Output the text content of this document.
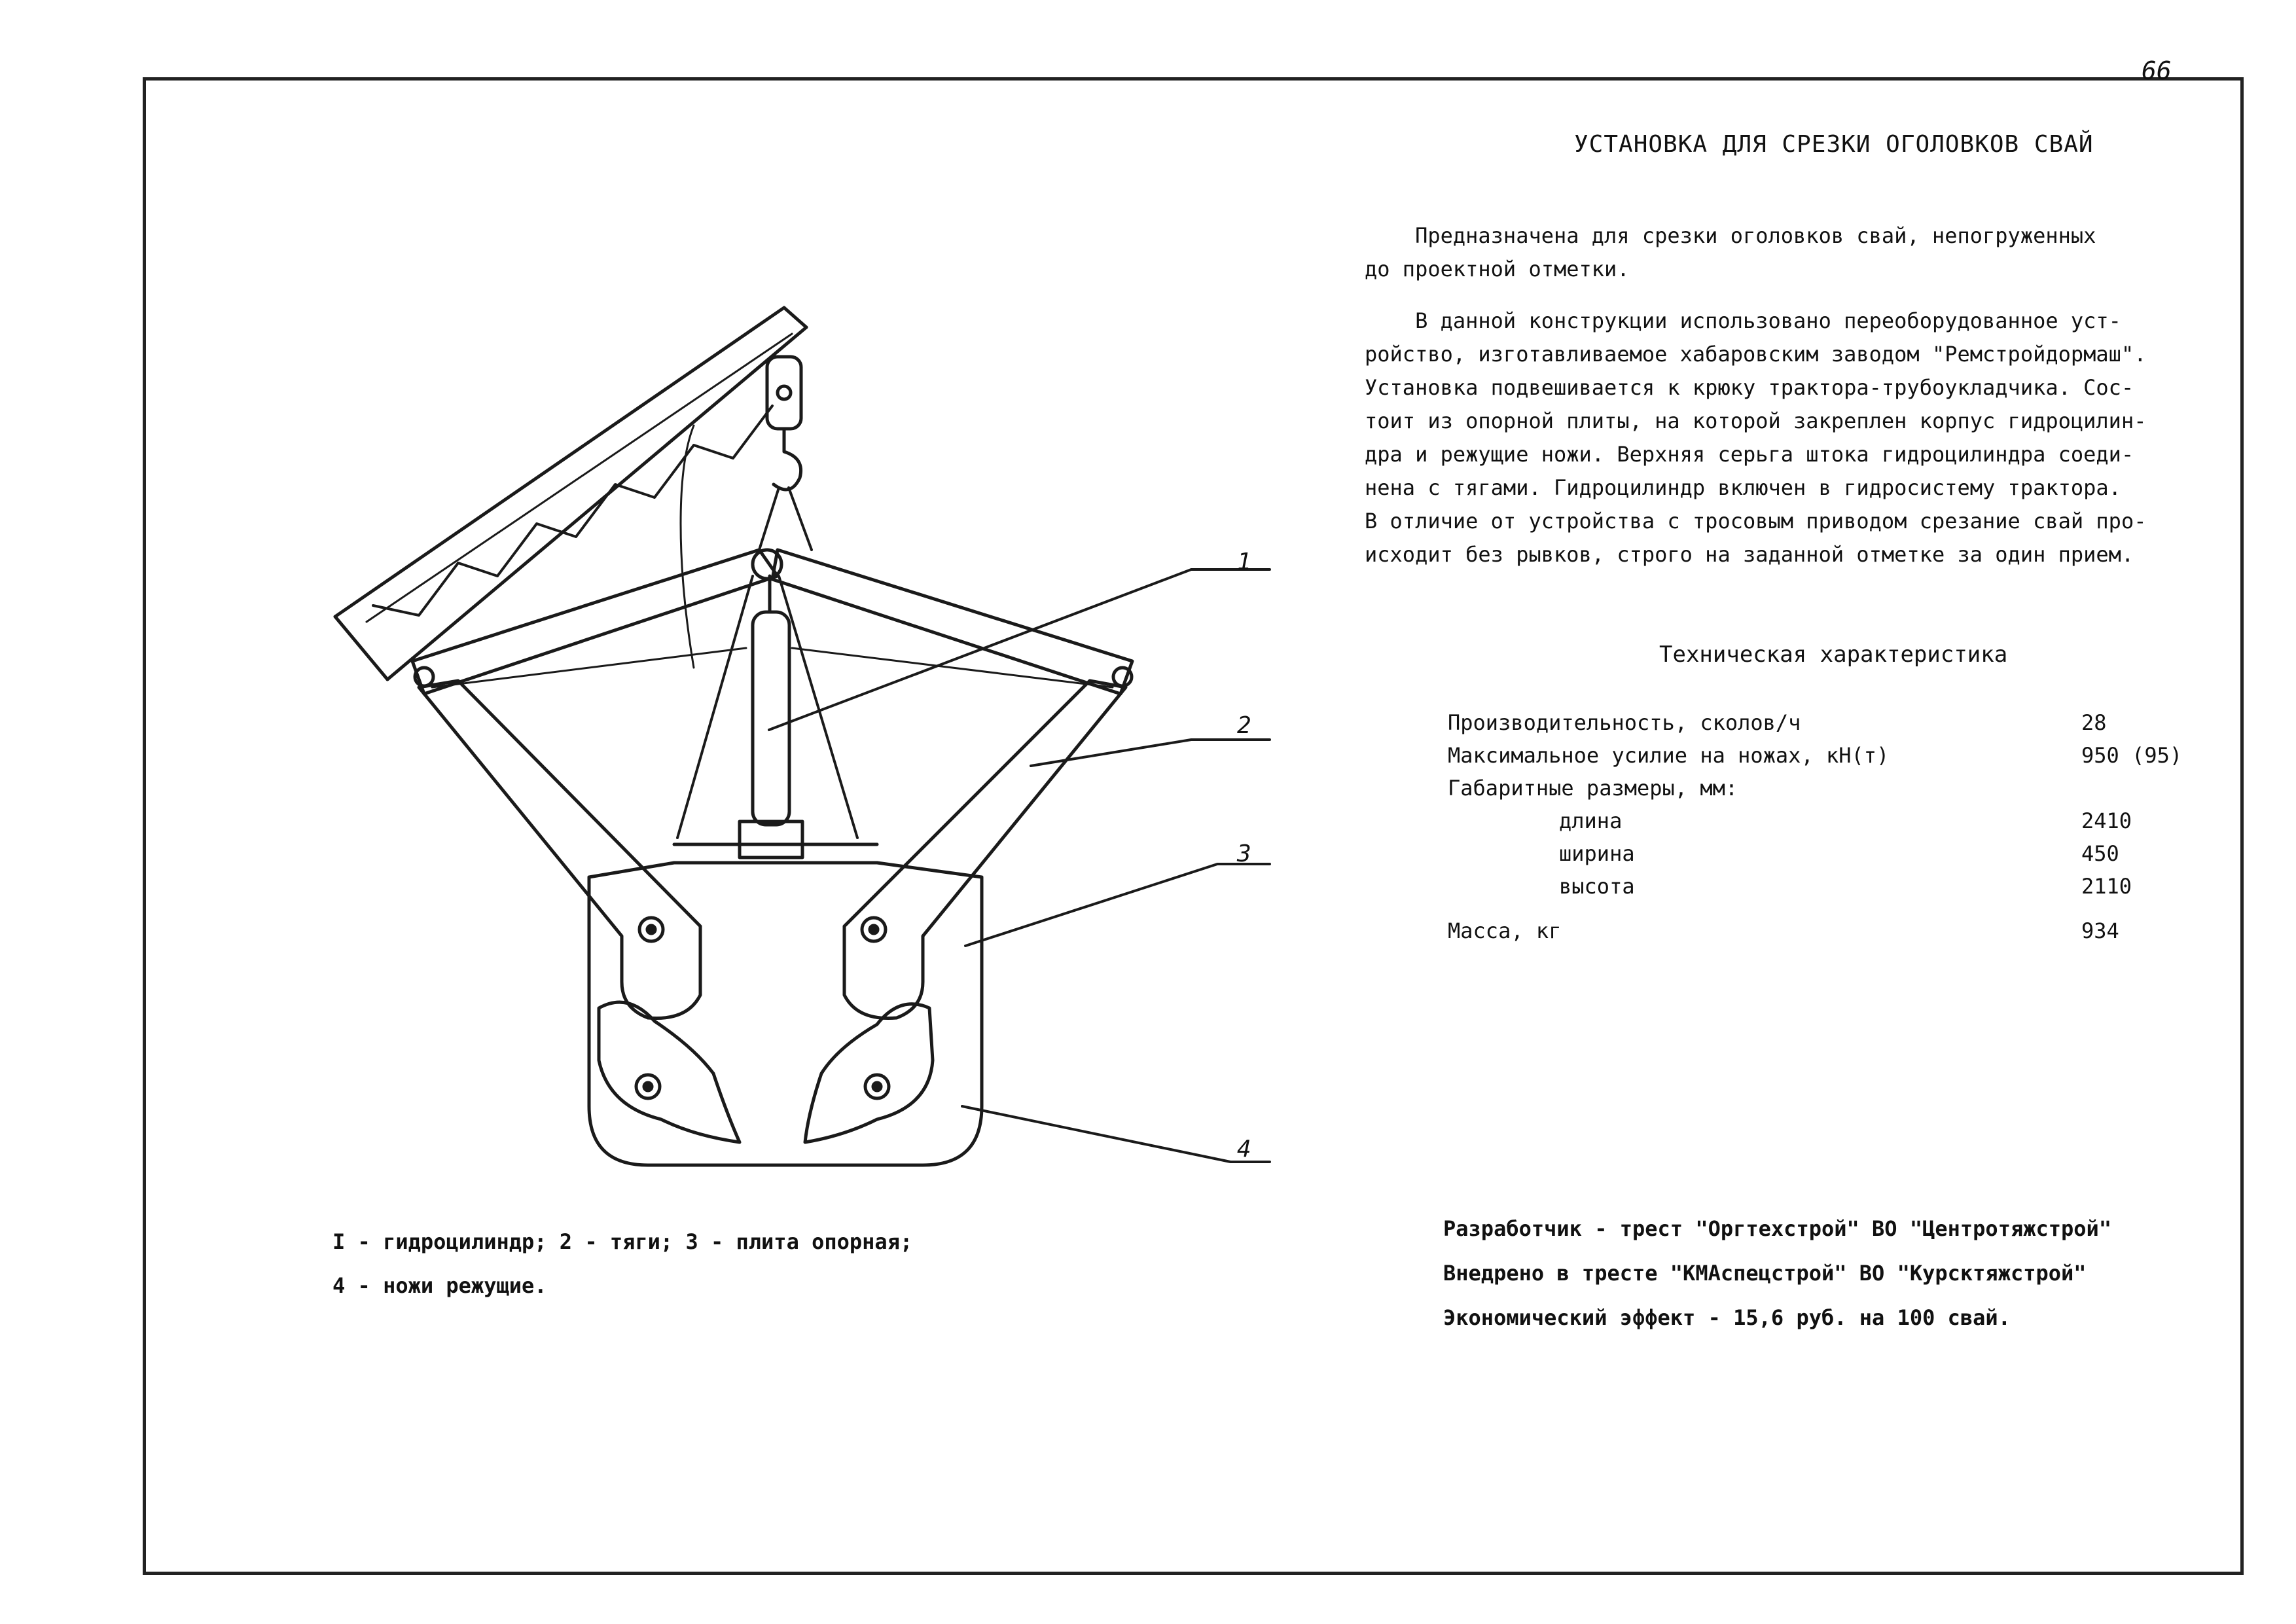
66
УСТАНОВКА ДЛЯ СРЕЗКИ ОГОЛОВКОВ СВАЙ
Предназначена для срезки оголовков свай, непогруженных
до проектной отметки.
В данной конструкции использовано переоборудованное уст-
ройство, изготавливаемое хабаровским заводом "Ремстройдормаш".
Установка подвешивается к крюку трактора-трубоукладчика. Сос-
тоит из опорной плиты, на которой закреплен корпус гидроцилин-
дра и режущие ножи. Верхняя серьга штока гидроцилиндра соеди-
нена с тягами. Гидроцилиндр включен в гидросистему трактора.
В отличие от устройства с тросовым приводом срезание свай про-
исходит без рывков, строго на заданной отметке за один прием.
Техническая характеристика
Производительность, сколов/ч	28
Максимальное усилие на ножах, кН(т)	950 (95)
Габаритные размеры, мм:
длина	2410
ширина	450
высота	2110
Масса, кг	934
1
2
3
4
I - гидроцилиндр; 2 - тяги; 3 - плита опорная;
4 - ножи режущие.
Разработчик - трест "Оргтехстрой" ВО "Центротяжстрой"
Внедрено в тресте "КМАспецстрой" ВО "Курсктяжстрой"
Экономический эффект - 15,6 руб. на 100 свай.
